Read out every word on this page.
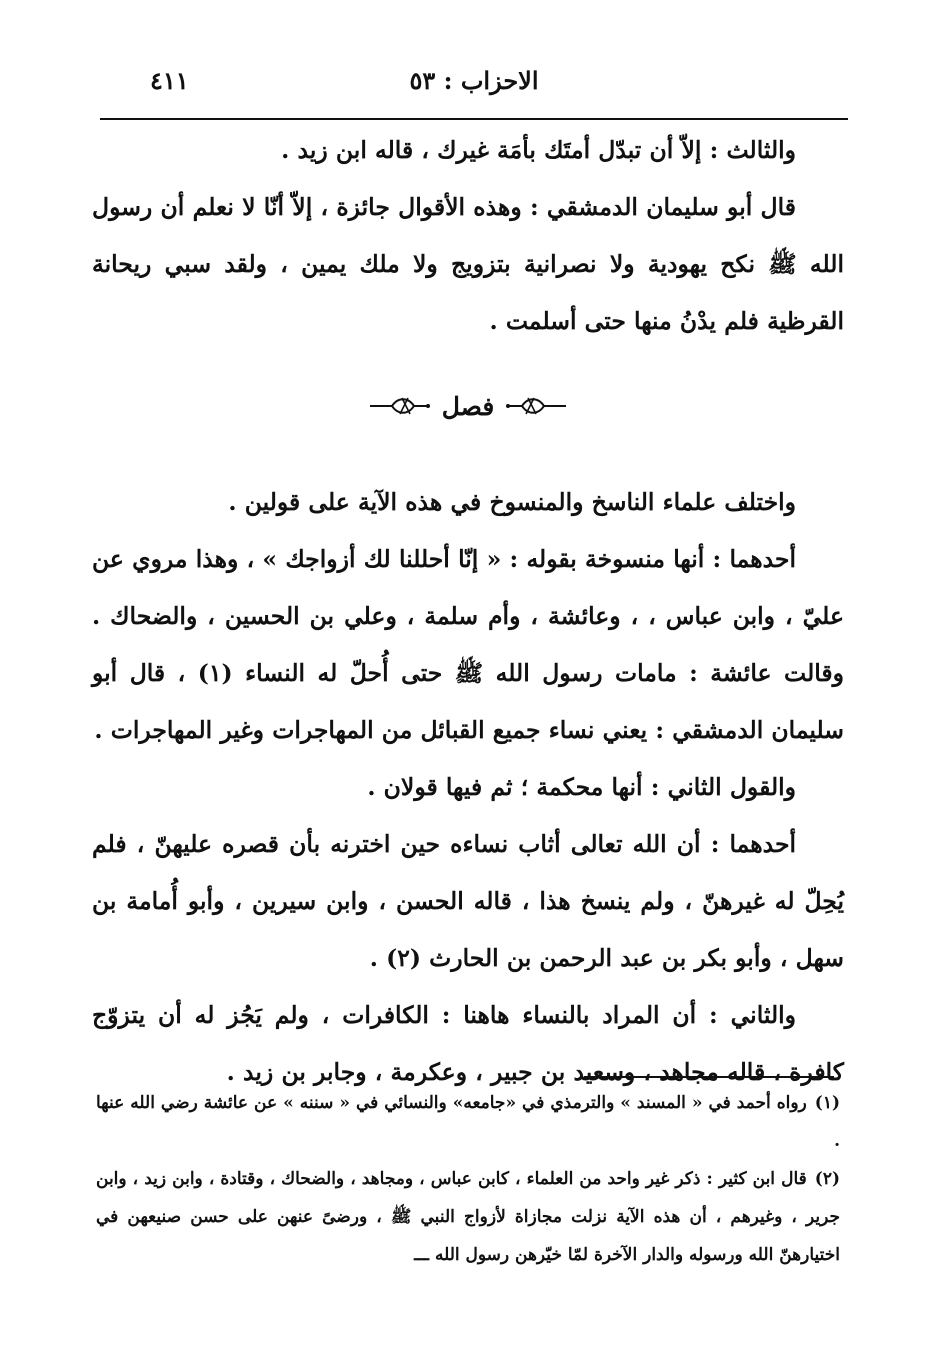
٤١١	الاحزاب : ٥٣

والثالث : إلاّ أن تبدّل أمتَك بأمَة غيرك ، قاله ابن زيد .

قال أبو سليمان الدمشقي : وهذه الأقوال جائزة ، إلاّ أنّا لا نعلم أن رسول الله ﷺ نكح يهودية ولا نصرانية بتزويج ولا ملك يمين ، ولقد سبي ريحانة القرظية فلم يدْنُ منها حتى أسلمت .

فصل

واختلف علماء الناسخ والمنسوخ في هذه الآية على قولين .

أحدهما : أنها منسوخة بقوله : « إنّا أحللنا لك أزواجك » ، وهذا مروي عن عليّ ، وابن عباس ، ، وعائشة ، وأم سلمة ، وعلي بن الحسين ، والضحاك . وقالت عائشة : مامات رسول الله ﷺ حتى أُحلّ له النساء (١) ، قال أبو سليمان الدمشقي : يعني نساء جميع القبائل من المهاجرات وغير المهاجرات .

والقول الثاني : أنها محكمة ؛ ثم فيها قولان .

أحدهما : أن الله تعالى أثاب نساءه حين اخترنه بأن قصره عليهنّ ، فلم يُحِلّ له غيرهنّ ، ولم ينسخ هذا ، قاله الحسن ، وابن سيرين ، وأبو أُمامة بن سهل ، وأبو بكر بن عبد الرحمن بن الحارث (٢) .

والثاني : أن المراد بالنساء هاهنا : الكافرات ، ولم يَجُز له أن يتزوّج كافرة ، قاله مجاهد ، وسعيد بن جبير ، وعكرمة ، وجابر بن زيد .

(١)رواه أحمد في « المسند » والترمذي في «جامعه» والنسائي في « سننه » عن عائشة رضي الله عنها .

(٢)قال ابن كثير : ذكر غير واحد من العلماء ، كابن عباس ، ومجاهد ، والضحاك ، وقتادة ، وابن زيد ، وابن جرير ، وغيرهم ، أن هذه الآية نزلت مجازاة لأزواج النبي ﷺ ، ورضىً عنهن على حسن صنيعهن في اختيارهنّ الله ورسوله والدار الآخرة لمّا خيّرهن رسول الله ـــ
